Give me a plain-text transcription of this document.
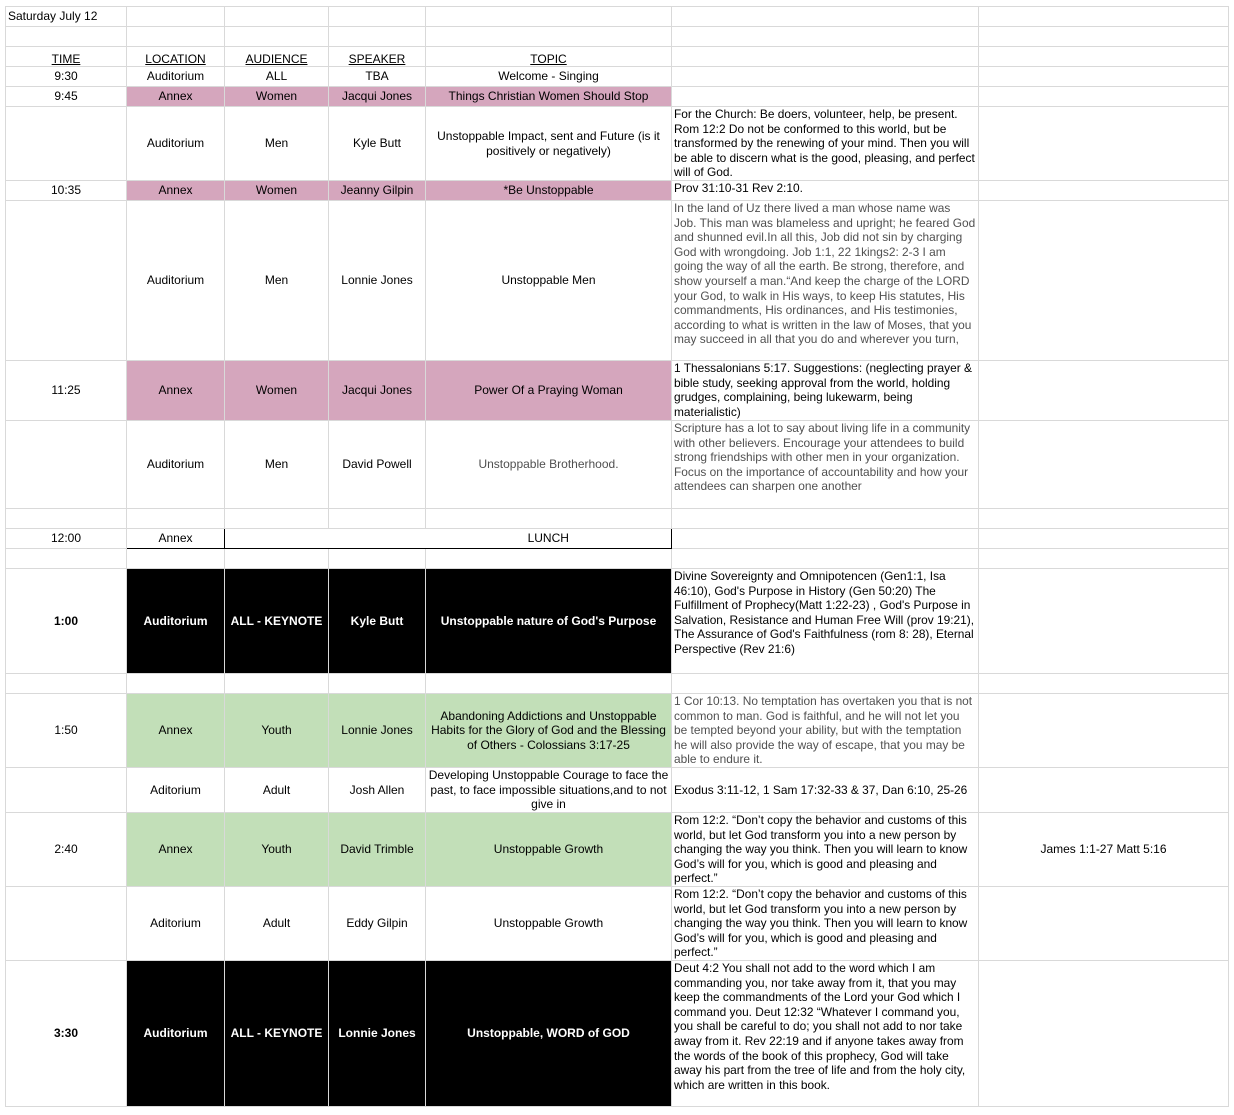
Saturday July 12						

TIME	LOCATION	AUDIENCE	SPEAKER	TOPIC		
9:30	Auditorium	ALL	TBA	Welcome - Singing		
9:45	Annex	Women	Jacqui Jones	Things Christian Women Should Stop		
	Auditorium	Men	Kyle Butt	Unstoppable Impact, sent and Future (is it positively or negatively)	For the Church: Be doers, volunteer, help, be present. Rom 12:2 Do not be conformed to this world, but be transformed by the renewing of your mind. Then you will be able to discern what is the good, pleasing, and perfect will of God.	
10:35	Annex	Women	Jeanny Gilpin	*Be Unstoppable	Prov 31:10-31 Rev 2:10.	
	Auditorium	Men	Lonnie Jones	Unstoppable Men	In the land of Uz there lived a man whose name was Job. This man was blameless and upright; he feared God and shunned evil.In all this, Job did not sin by charging God with wrongdoing. Job 1:1, 22 1kings2: 2-3 I am going the way of all the earth. Be strong, therefore, and show yourself a man.“And keep the charge of the LORD your God, to walk in His ways, to keep His statutes, His commandments, His ordinances, and His testimonies, according to what is written in the law of Moses, that you may succeed in all that you do and wherever you turn,	
11:25	Annex	Women	Jacqui Jones	Power Of a Praying Woman	1 Thessalonians 5:17. Suggestions: (neglecting prayer & bible study, seeking approval from the world, holding grudges, complaining, being lukewarm, being materialistic)	
	Auditorium	Men	David Powell	Unstoppable Brotherhood.	Scripture has a lot to say about living life in a community with other believers. Encourage your attendees to build strong friendships with other men in your organization. Focus on the importance of accountability and how your attendees can sharpen one another	

12:00	Annex			LUNCH		

1:00	Auditorium	ALL - KEYNOTE	Kyle Butt	Unstoppable nature of God's Purpose	Divine Sovereignty and Omnipotencen (Gen1:1, Isa 46:10), God's Purpose in History (Gen 50:20) The Fulfillment of Prophecy(Matt 1:22-23) , God's Purpose in Salvation, Resistance and Human Free Will (prov 19:21), The Assurance of God's Faithfulness (rom 8: 28), Eternal Perspective (Rev 21:6)	

1:50	Annex	Youth	Lonnie Jones	Abandoning Addictions and Unstoppable Habits for the Glory of God and the Blessing of Others - Colossians 3:17-25	1 Cor 10:13. No temptation has overtaken you that is not common to man. God is faithful, and he will not let you be tempted beyond your ability, but with the temptation he will also provide the way of escape, that you may be able to endure it.	
	Aditorium	Adult	Josh Allen	Developing Unstoppable Courage to face the past, to face impossible situations,and to not give in	Exodus 3:11-12, 1 Sam 17:32-33 & 37, Dan 6:10, 25-26	
2:40	Annex	Youth	David Trimble	Unstoppable Growth	Rom 12:2. “Don’t copy the behavior and customs of this world, but let God transform you into a new person by changing the way you think. Then you will learn to know God’s will for you, which is good and pleasing and perfect.”	James 1:1-27 Matt 5:16
	Aditorium	Adult	Eddy Gilpin	Unstoppable Growth	Rom 12:2. “Don’t copy the behavior and customs of this world, but let God transform you into a new person by changing the way you think. Then you will learn to know God’s will for you, which is good and pleasing and perfect.”	
3:30	Auditorium	ALL - KEYNOTE	Lonnie Jones	Unstoppable, WORD of GOD	Deut 4:2 You shall not add to the word which I am commanding you, nor take away from it, that you may keep the commandments of the Lord your God which I command you. Deut 12:32 “Whatever I command you, you shall be careful to do; you shall not add to nor take away from it. Rev 22:19 and if anyone takes away from the words of the book of this prophecy, God will take away his part from the tree of life and from the holy city, which are written in this book.	
